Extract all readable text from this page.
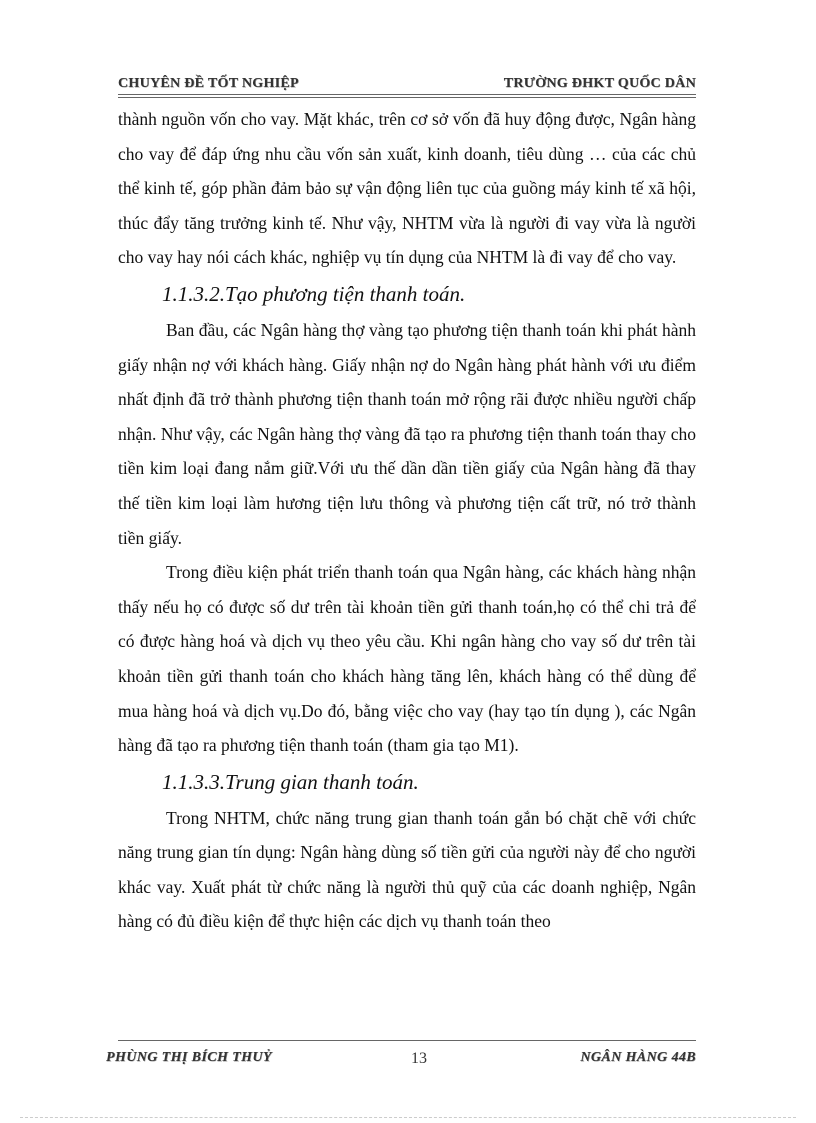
CHUYÊN ĐỀ TỐT NGHIỆP	TRƯỜNG ĐHKT QUỐC DÂN

thành nguồn vốn cho vay. Mặt khác, trên cơ sở vốn đã huy động được, Ngân hàng cho vay để đáp ứng nhu cầu vốn sản xuất, kinh doanh, tiêu dùng … của các chủ thể kinh tế, góp phần đảm bảo sự vận động liên tục của guồng máy kinh tế xã hội, thúc đẩy tăng trưởng kinh tế. Như vậy, NHTM vừa là người đi vay vừa là người cho vay hay nói cách khác, nghiệp vụ tín dụng của NHTM là đi vay để cho vay.

1.1.3.2.Tạo phương tiện thanh toán.

Ban đầu, các Ngân hàng thợ vàng tạo phương tiện thanh toán khi phát hành giấy nhận nợ với khách hàng. Giấy nhận nợ do Ngân hàng phát hành với ưu điểm nhất định đã trở thành phương tiện thanh toán mở rộng rãi được nhiều người chấp nhận. Như vậy, các Ngân hàng thợ vàng đã tạo ra phương tiện thanh toán thay cho tiền kim loại đang nắm giữ.Với ưu thế dần dần tiền giấy của Ngân hàng đã thay thế tiền kim loại làm hương tiện lưu thông và phương tiện cất trữ, nó trở thành tiền giấy.

Trong điều kiện phát triển thanh toán qua Ngân hàng, các khách hàng nhận thấy nếu họ có được số dư trên tài khoản tiền gửi thanh toán,họ có thể chi trả để có được hàng hoá và dịch vụ theo yêu cầu. Khi ngân hàng cho vay số dư trên tài khoản tiền gửi thanh toán cho khách hàng tăng lên, khách hàng có thể dùng để mua hàng hoá và dịch vụ.Do đó, bằng việc cho vay (hay tạo tín dụng ), các Ngân hàng đã tạo ra phương tiện thanh toán (tham gia tạo M1).

1.1.3.3.Trung gian thanh toán.

Trong NHTM, chức năng trung gian thanh toán gắn bó chặt chẽ với chức năng trung gian tín dụng: Ngân hàng dùng số tiền gửi của người này để cho người khác vay. Xuất phát từ chức năng là người thủ quỹ của các doanh nghiệp, Ngân hàng có đủ điều kiện để thực hiện các dịch vụ thanh toán theo

PHÙNG THỊ BÍCH THUỶ	13	NGÂN HÀNG 44B
